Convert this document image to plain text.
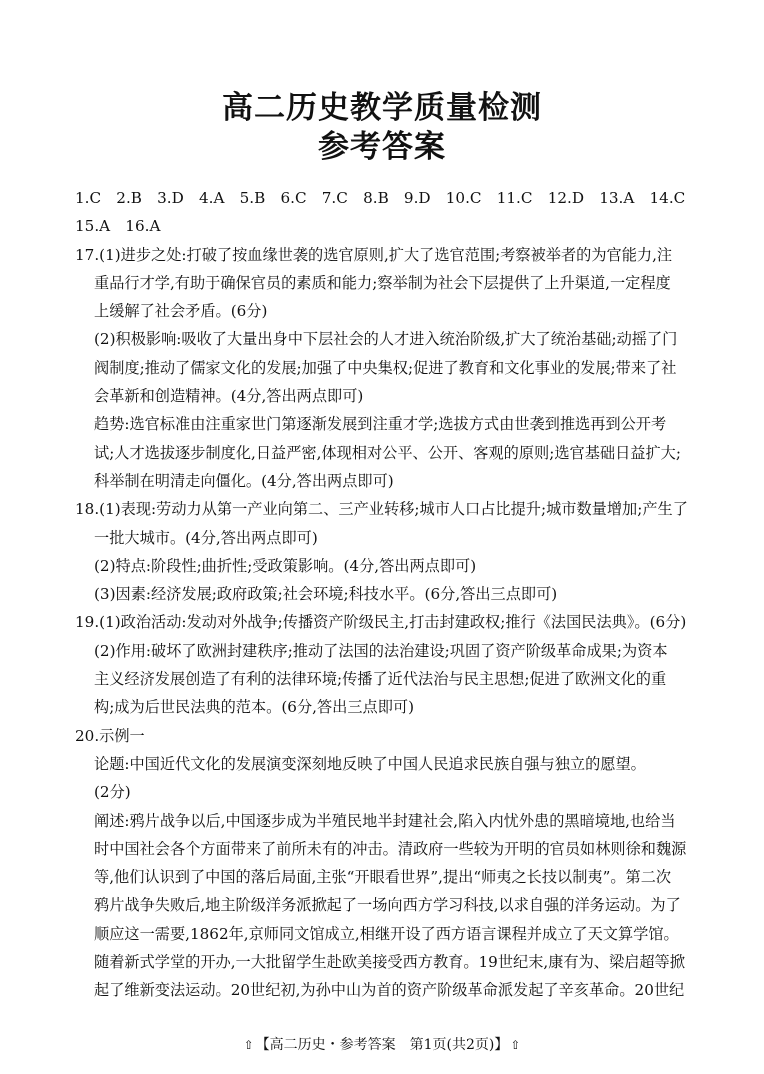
高二历史教学质量检测
参考答案
1.C　2.B　3.D　4.A　5.B　6.C　7.C　8.B　9.D　10.C　11.C　12.D　13.A　14.C
15.A　16.A
17.(1)进步之处:打破了按血缘世袭的选官原则,扩大了选官范围;考察被举者的为官能力,注
重品行才学,有助于确保官员的素质和能力;察举制为社会下层提供了上升渠道,一定程度
上缓解了社会矛盾。(6分)
(2)积极影响:吸收了大量出身中下层社会的人才进入统治阶级,扩大了统治基础;动摇了门
阀制度;推动了儒家文化的发展;加强了中央集权;促进了教育和文化事业的发展;带来了社
会革新和创造精神。(4分,答出两点即可)
趋势:选官标准由注重家世门第逐渐发展到注重才学;选拔方式由世袭到推选再到公开考
试;人才选拔逐步制度化,日益严密,体现相对公平、公开、客观的原则;选官基础日益扩大;
科举制在明清走向僵化。(4分,答出两点即可)
18.(1)表现:劳动力从第一产业向第二、三产业转移;城市人口占比提升;城市数量增加;产生了
一批大城市。(4分,答出两点即可)
(2)特点:阶段性;曲折性;受政策影响。(4分,答出两点即可)
(3)因素:经济发展;政府政策;社会环境;科技水平。(6分,答出三点即可)
19.(1)政治活动:发动对外战争;传播资产阶级民主,打击封建政权;推行《法国民法典》。(6分)
(2)作用:破坏了欧洲封建秩序;推动了法国的法治建设;巩固了资产阶级革命成果;为资本
主义经济发展创造了有利的法律环境;传播了近代法治与民主思想;促进了欧洲文化的重
构;成为后世民法典的范本。(6分,答出三点即可)
20.示例一
论题:中国近代文化的发展演变深刻地反映了中国人民追求民族自强与独立的愿望。
(2分)
阐述:鸦片战争以后,中国逐步成为半殖民地半封建社会,陷入内忧外患的黑暗境地,也给当
时中国社会各个方面带来了前所未有的冲击。清政府一些较为开明的官员如林则徐和魏源
等,他们认识到了中国的落后局面,主张“开眼看世界”,提出“师夷之长技以制夷”。第二次
鸦片战争失败后,地主阶级洋务派掀起了一场向西方学习科技,以求自强的洋务运动。为了
顺应这一需要,1862年,京师同文馆成立,相继开设了西方语言课程并成立了天文算学馆。
随着新式学堂的开办,一大批留学生赴欧美接受西方教育。19世纪末,康有为、梁启超等掀
起了维新变法运动。20世纪初,为孙中山为首的资产阶级革命派发起了辛亥革命。20世纪
⇧ 【高二历史・参考答案　第1页(共2页)】 ⇧
